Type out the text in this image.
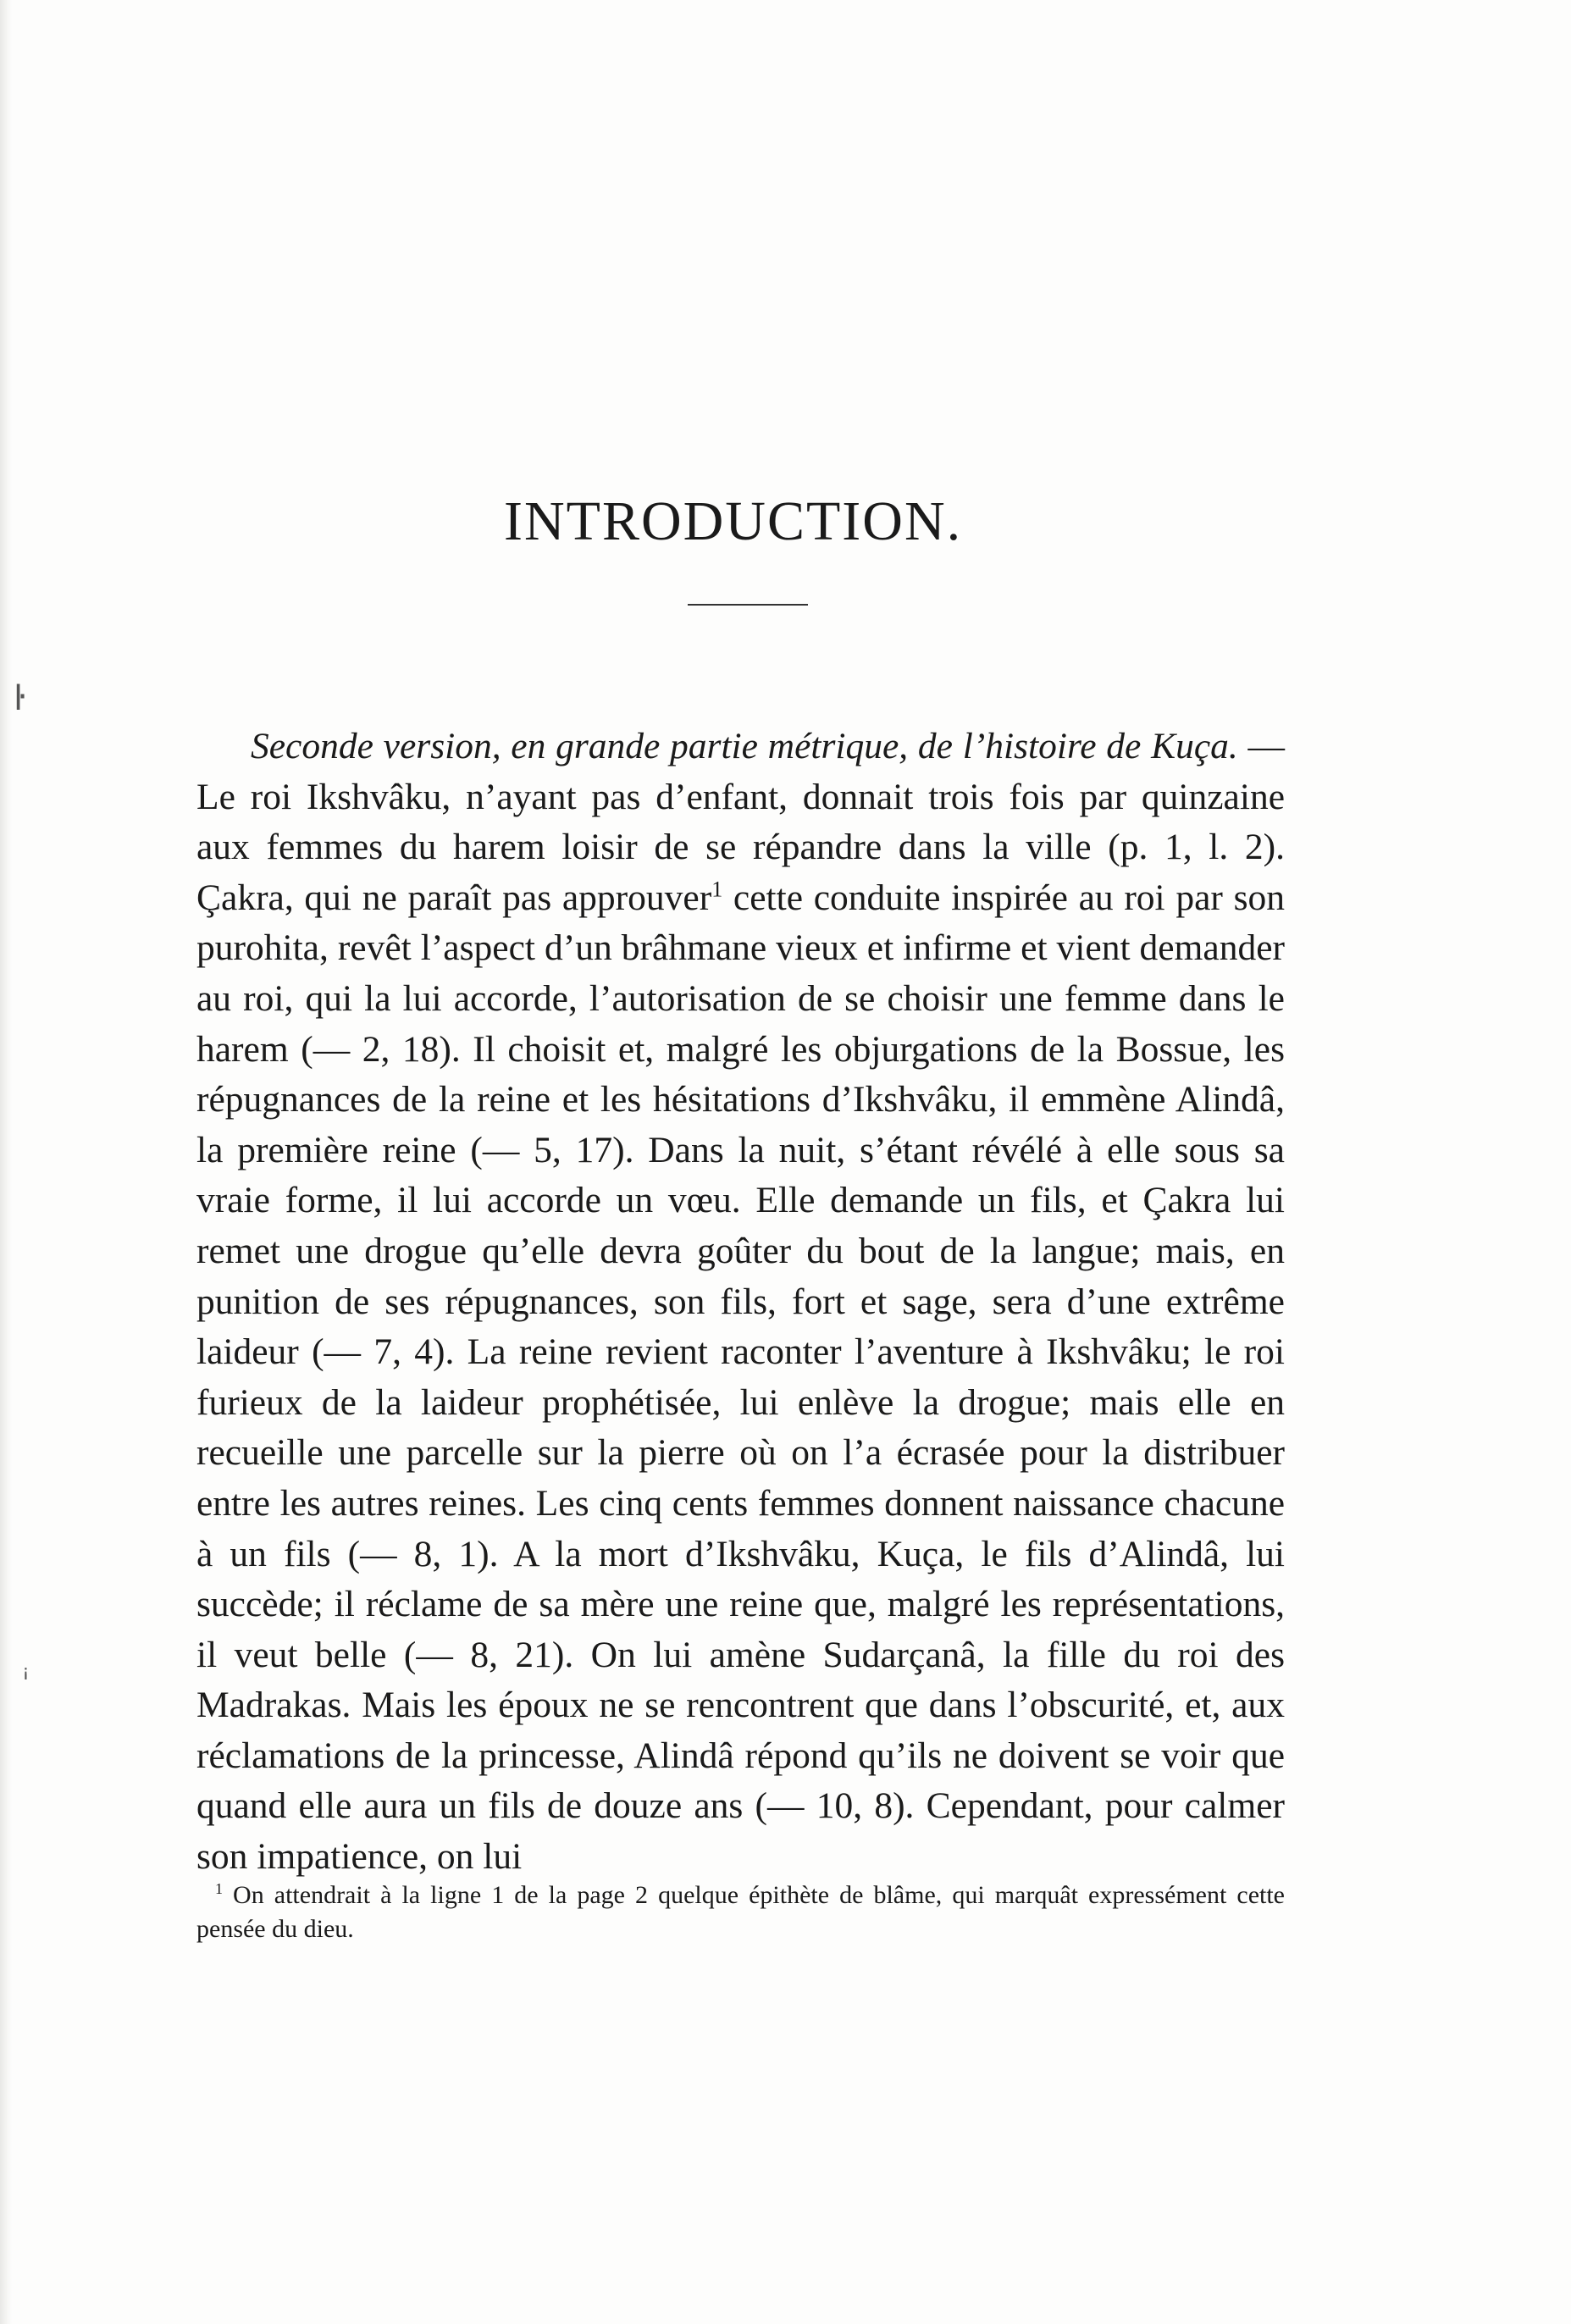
ŀ
ꜟ
INTRODUCTION.

Seconde version, en grande partie métrique, de l’histoire de Kuça. — Le roi Ikshvâku, n’ayant pas d’enfant, donnait trois fois par quinzaine aux femmes du harem loisir de se répandre dans la ville (p. 1, l. 2). Çakra, qui ne paraît pas approuver$^1$ cette conduite inspirée au roi par son purohita, revêt l’aspect d’un brâhmane vieux et infirme et vient demander au roi, qui la lui accorde, l’autorisation de se choisir une femme dans le harem (— 2, 18). Il choisit et, malgré les objurgations de la Bossue, les répugnances de la reine et les hésitations d’Ikshvâku, il emmène Alindâ, la première reine (— 5, 17). Dans la nuit, s’étant révélé à elle sous sa vraie forme, il lui accorde un vœu. Elle demande un fils, et Çakra lui remet une drogue qu’elle devra goûter du bout de la langue; mais, en punition de ses répugnances, son fils, fort et sage, sera d’une extrême laideur (— 7, 4). La reine revient raconter l’aventure à Ikshvâku; le roi furieux de la laideur prophétisée, lui enlève la drogue; mais elle en recueille une parcelle sur la pierre où on l’a écrasée pour la distribuer entre les autres reines. Les cinq cents femmes donnent naissance chacune à un fils (— 8, 1). A la mort d’Ikshvâku, Kuça, le fils d’Alindâ, lui succède; il réclame de sa mère une reine que, malgré les représentations, il veut belle (— 8, 21). On lui amène Sudarçanâ, la fille du roi des Madrakas. Mais les époux ne se rencontrent que dans l’obscurité, et, aux réclamations de la princesse, Alindâ répond qu’ils ne doivent se voir que quand elle aura un fils de douze ans (— 10, 8). Cependant, pour calmer son impatience, on lui

$^1$ On attendrait à la ligne 1 de la page 2 quelque épithète de blâme, qui marquât expressément cette pensée du dieu.
